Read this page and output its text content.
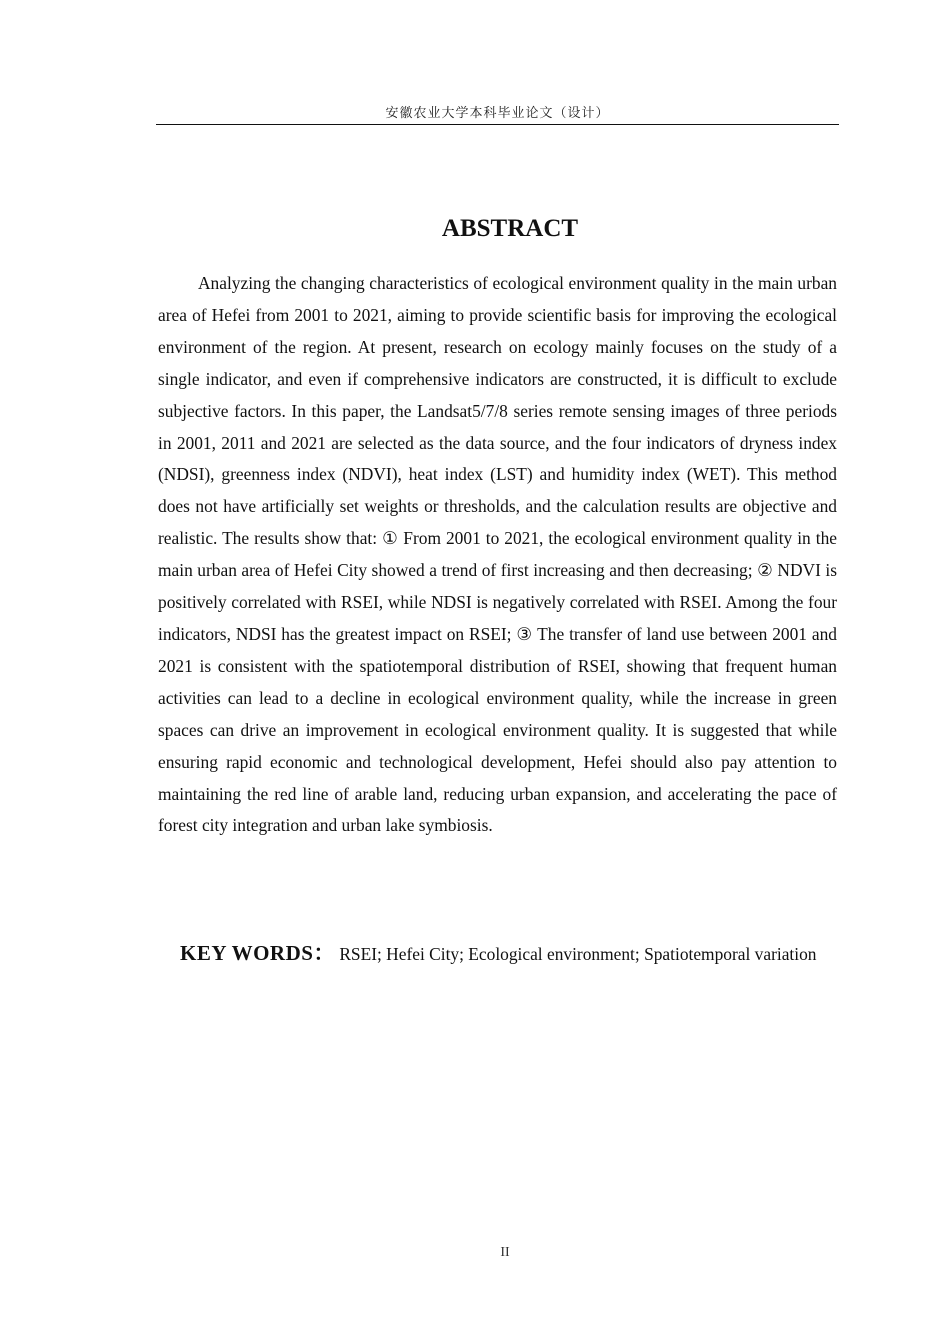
安徽农业大学本科毕业论文（设计）
ABSTRACT

Analyzing the changing characteristics of ecological environment quality in the main urban area of Hefei from 2001 to 2021, aiming to provide scientific basis for improving the ecological environment of the region. At present, research on ecology mainly focuses on the study of a single indicator, and even if comprehensive indicators are constructed, it is difficult to exclude subjective factors. In this paper, the Landsat5/7/8 series remote sensing images of three periods in 2001, 2011 and 2021 are selected as the data source, and the four indicators of dryness index (NDSI), greenness index (NDVI), heat index (LST) and humidity index (WET). This method does not have artificially set weights or thresholds, and the calculation results are objective and realistic. The results show that: ① From 2001 to 2021, the ecological environment quality in the main urban area of Hefei City showed a trend of first increasing and then decreasing; ② NDVI is positively correlated with RSEI, while NDSI is negatively correlated with RSEI. Among the four indicators, NDSI has the greatest impact on RSEI; ③ The transfer of land use between 2001 and 2021 is consistent with the spatiotemporal distribution of RSEI, showing that frequent human activities can lead to a decline in ecological environment quality, while the increase in green spaces can drive an improvement in ecological environment quality. It is suggested that while ensuring rapid economic and technological development, Hefei should also pay attention to maintaining the red line of arable land, reducing urban expansion, and accelerating the pace of forest city integration and urban lake symbiosis.

KEY WORDS： RSEI; Hefei City; Ecological environment; Spatiotemporal variation

II
